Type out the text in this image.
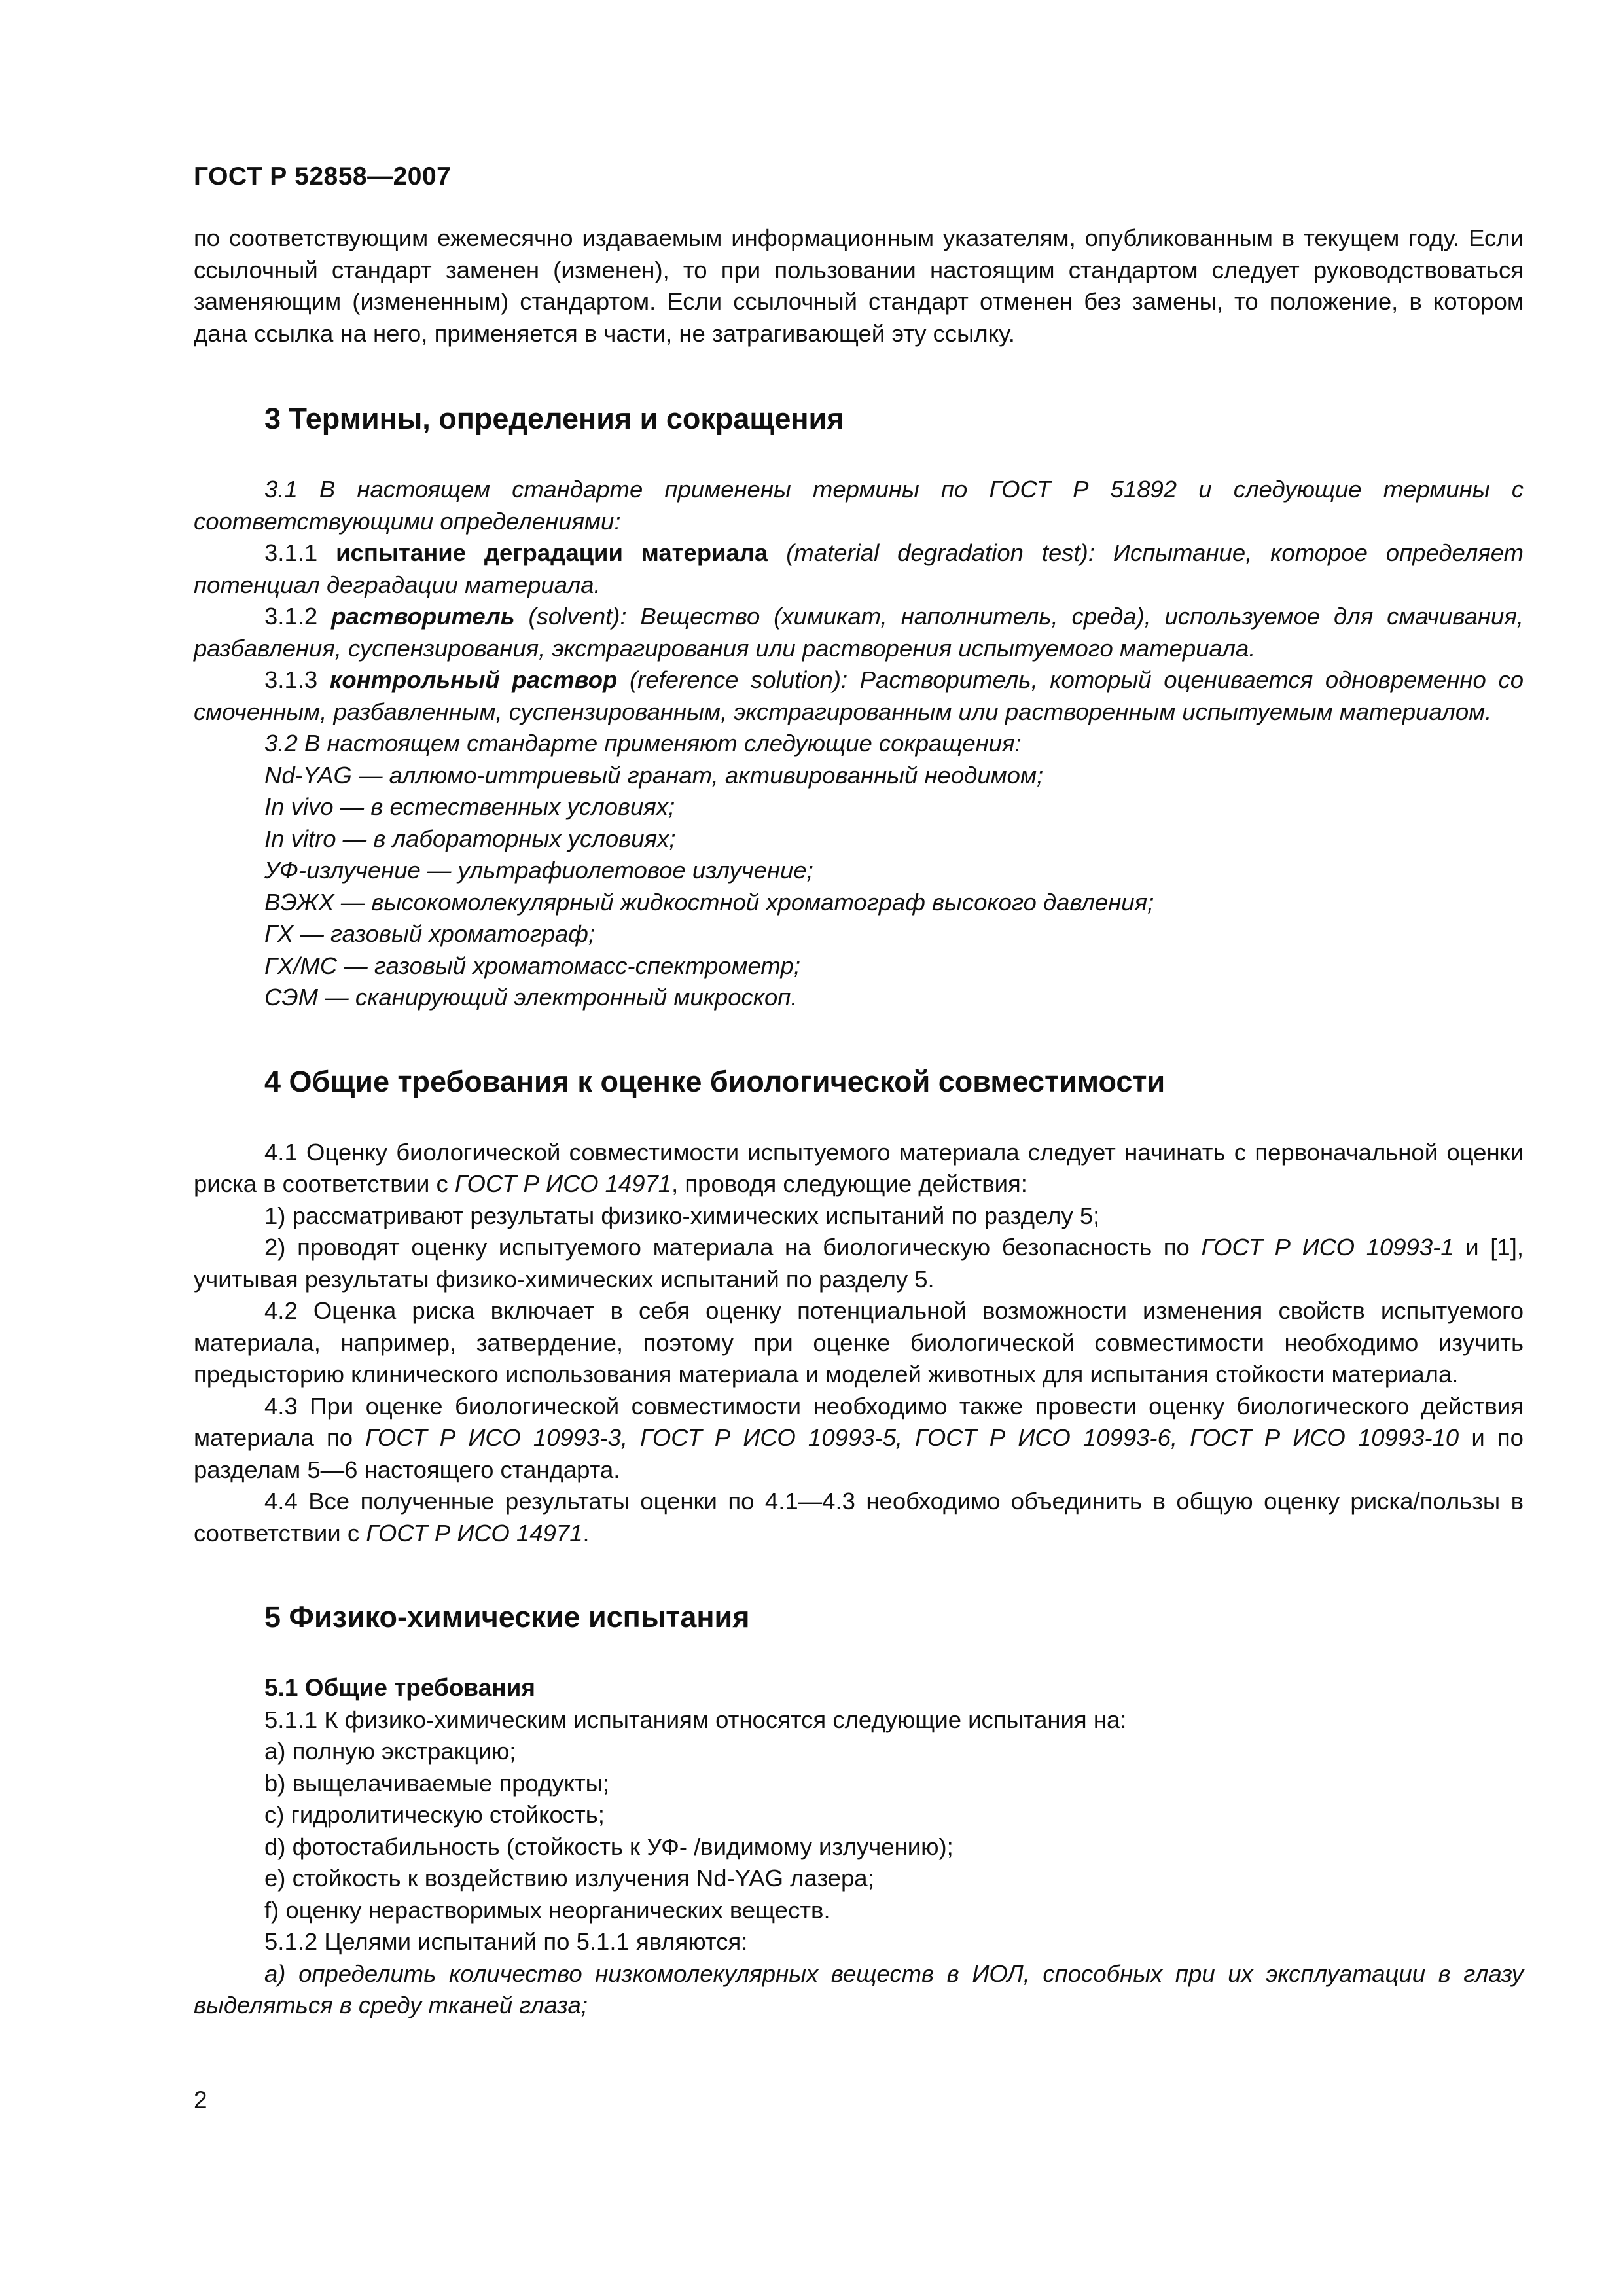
ГОСТ Р 52858—2007

по соответствующим ежемесячно издаваемым информационным указателям, опубликованным в текущем году. Если ссылочный стандарт заменен (изменен), то при пользовании настоящим стандартом следует руководствоваться заменяющим (измененным) стандартом. Если ссылочный стандарт отменен без замены, то положение, в котором дана ссылка на него, применяется в части, не затрагивающей эту ссылку.

3 Термины, определения и сокращения

3.1 В настоящем стандарте применены термины по ГОСТ Р 51892 и следующие термины с соответствующими определениями:

3.1.1 испытание деградации материала (material degradation test): Испытание, которое определяет потенциал деградации материала.

3.1.2 растворитель (solvent): Вещество (химикат, наполнитель, среда), используемое для смачивания, разбавления, суспензирования, экстрагирования или растворения испытуемого материала.

3.1.3 контрольный раствор (reference solution): Растворитель, который оценивается одновременно со смоченным, разбавленным, суспензированным, экстрагированным или растворенным испытуемым материалом.

3.2 В настоящем стандарте применяют следующие сокращения:

Nd-YAG — аллюмо-иттриевый гранат, активированный неодимом;

In vivo — в естественных условиях;

In vitro — в лабораторных условиях;

УФ-излучение — ультрафиолетовое излучение;

ВЭЖХ — высокомолекулярный жидкостной хроматограф высокого давления;

ГХ — газовый хроматограф;

ГХ/МС — газовый хроматомасс-спектрометр;

СЭМ — сканирующий электронный микроскоп.

4 Общие требования к оценке биологической совместимости

4.1 Оценку биологической совместимости испытуемого материала следует начинать с первоначальной оценки риска в соответствии с ГОСТ Р ИСО 14971, проводя следующие действия:

1) рассматривают результаты физико-химических испытаний по разделу 5;

2) проводят оценку испытуемого материала на биологическую безопасность по ГОСТ Р ИСО 10993-1 и [1], учитывая результаты физико-химических испытаний по разделу 5.

4.2 Оценка риска включает в себя оценку потенциальной возможности изменения свойств испытуемого материала, например, затвердение, поэтому при оценке биологической совместимости необходимо изучить предысторию клинического использования материала и моделей животных для испытания стойкости материала.

4.3 При оценке биологической совместимости необходимо также провести оценку биологического действия материала по ГОСТ Р ИСО 10993-3, ГОСТ Р ИСО 10993-5, ГОСТ Р ИСО 10993-6, ГОСТ Р ИСО 10993-10 и по разделам 5—6 настоящего стандарта.

4.4 Все полученные результаты оценки по 4.1—4.3 необходимо объединить в общую оценку риска/пользы в соответствии с ГОСТ Р ИСО 14971.

5 Физико-химические испытания
5.1 Общие требования

5.1.1 К физико-химическим испытаниям относятся следующие испытания на:

a) полную экстракцию;

b) выщелачиваемые продукты;

c) гидролитическую стойкость;

d) фотостабильность (стойкость к УФ- /видимому излучению);

e) стойкость к воздействию излучения Nd-YAG лазера;

f) оценку нерастворимых неорганических веществ.

5.1.2 Целями испытаний по 5.1.1 являются:

а) определить количество низкомолекулярных веществ в ИОЛ, способных при их эксплуатации в глазу выделяться в среду тканей глаза;

2
